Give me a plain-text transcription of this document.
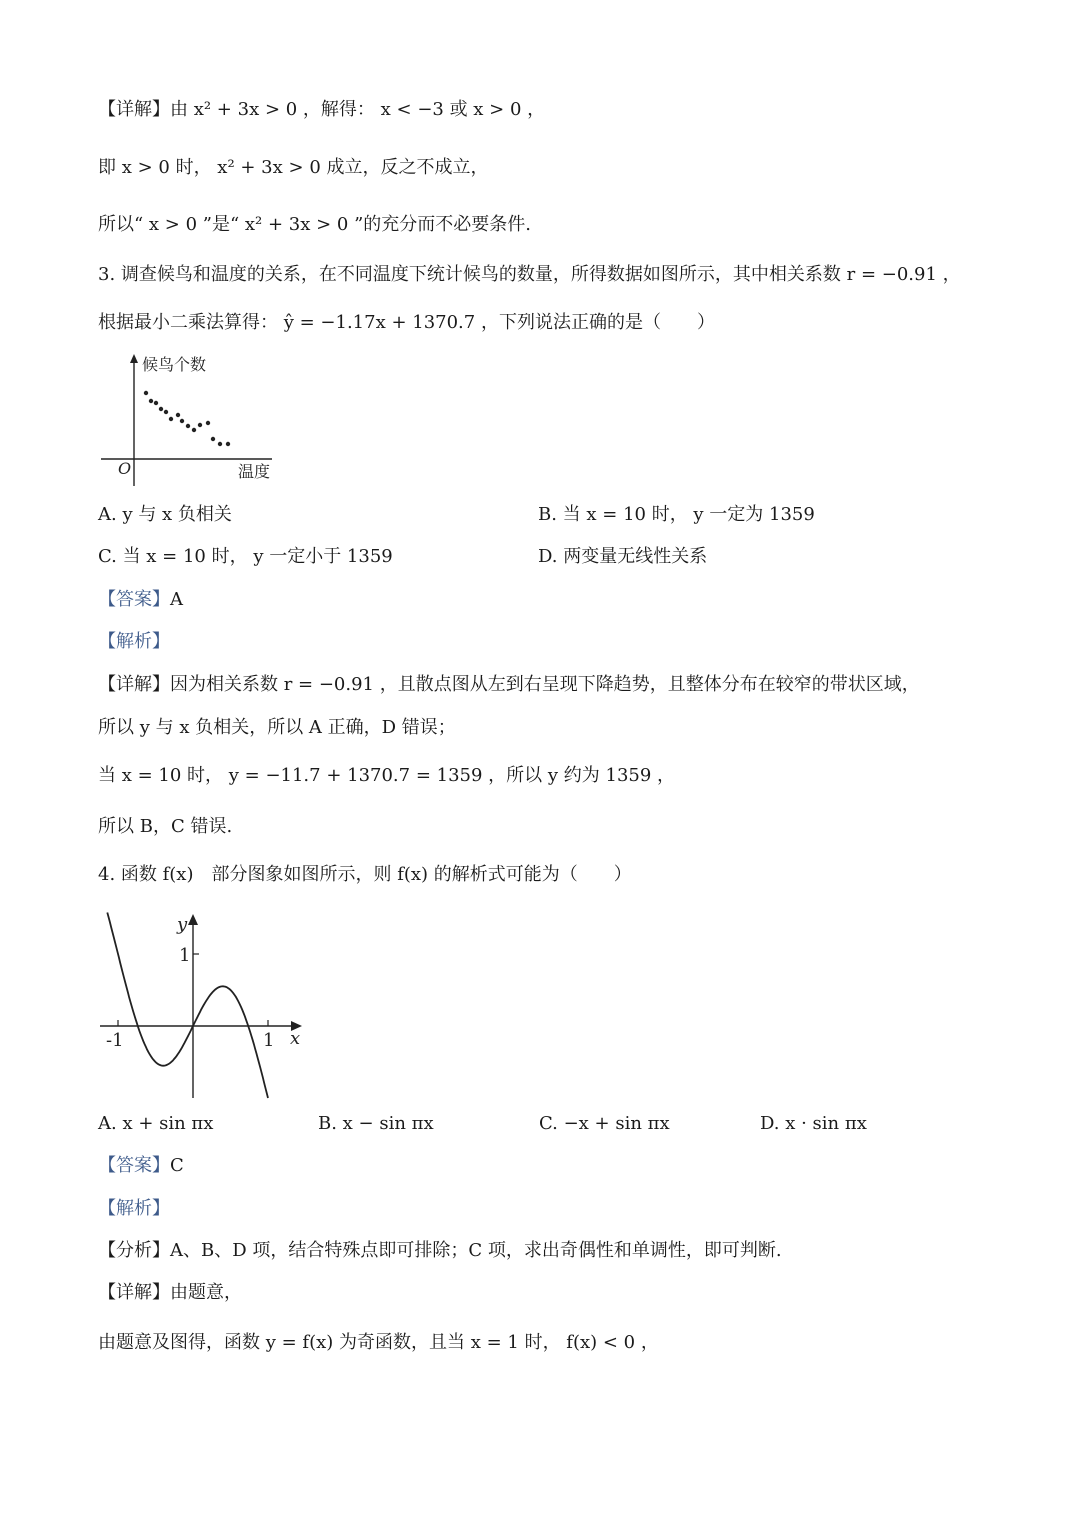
【详解】由 x² + 3x > 0 ，解得： x < −3 或 x > 0 ，
即 x > 0 时， x² + 3x > 0 成立，反之不成立，
所以“ x > 0 ”是“ x² + 3x > 0 ”的充分而不必要条件.
3. 调查候鸟和温度的关系，在不同温度下统计候鸟的数量，所得数据如图所示，其中相关系数 r = −0.91 ，
根据最小二乘法算得： ŷ = −1.17x + 1370.7 ，下列说法正确的是（　　）
候鸟个数
温度
O
A. y 与 x 负相关	B. 当 x = 10 时， y 一定为 1359
C. 当 x = 10 时， y 一定小于 1359	D. 两变量无线性关系
【答案】A
【解析】
【详解】因为相关系数 r = −0.91 ，且散点图从左到右呈现下降趋势，且整体分布在较窄的带状区域，
所以 y 与 x 负相关，所以 A 正确，D 错误；
当 x = 10 时， y = −11.7 + 1370.7 = 1359 ，所以 y 约为 1359 ，
所以 B，C 错误.
4. 函数 f(x)　部分图象如图所示，则 f(x) 的解析式可能为（　　）
y
x
1
-1	1
A. x + sin πx	B. x − sin πx	C. −x + sin πx	D. x · sin πx
【答案】C
【解析】
【分析】A、B、D 项，结合特殊点即可排除；C 项，求出奇偶性和单调性，即可判断.
【详解】由题意，
由题意及图得，函数 y = f(x) 为奇函数，且当 x = 1 时， f(x) < 0 ，
